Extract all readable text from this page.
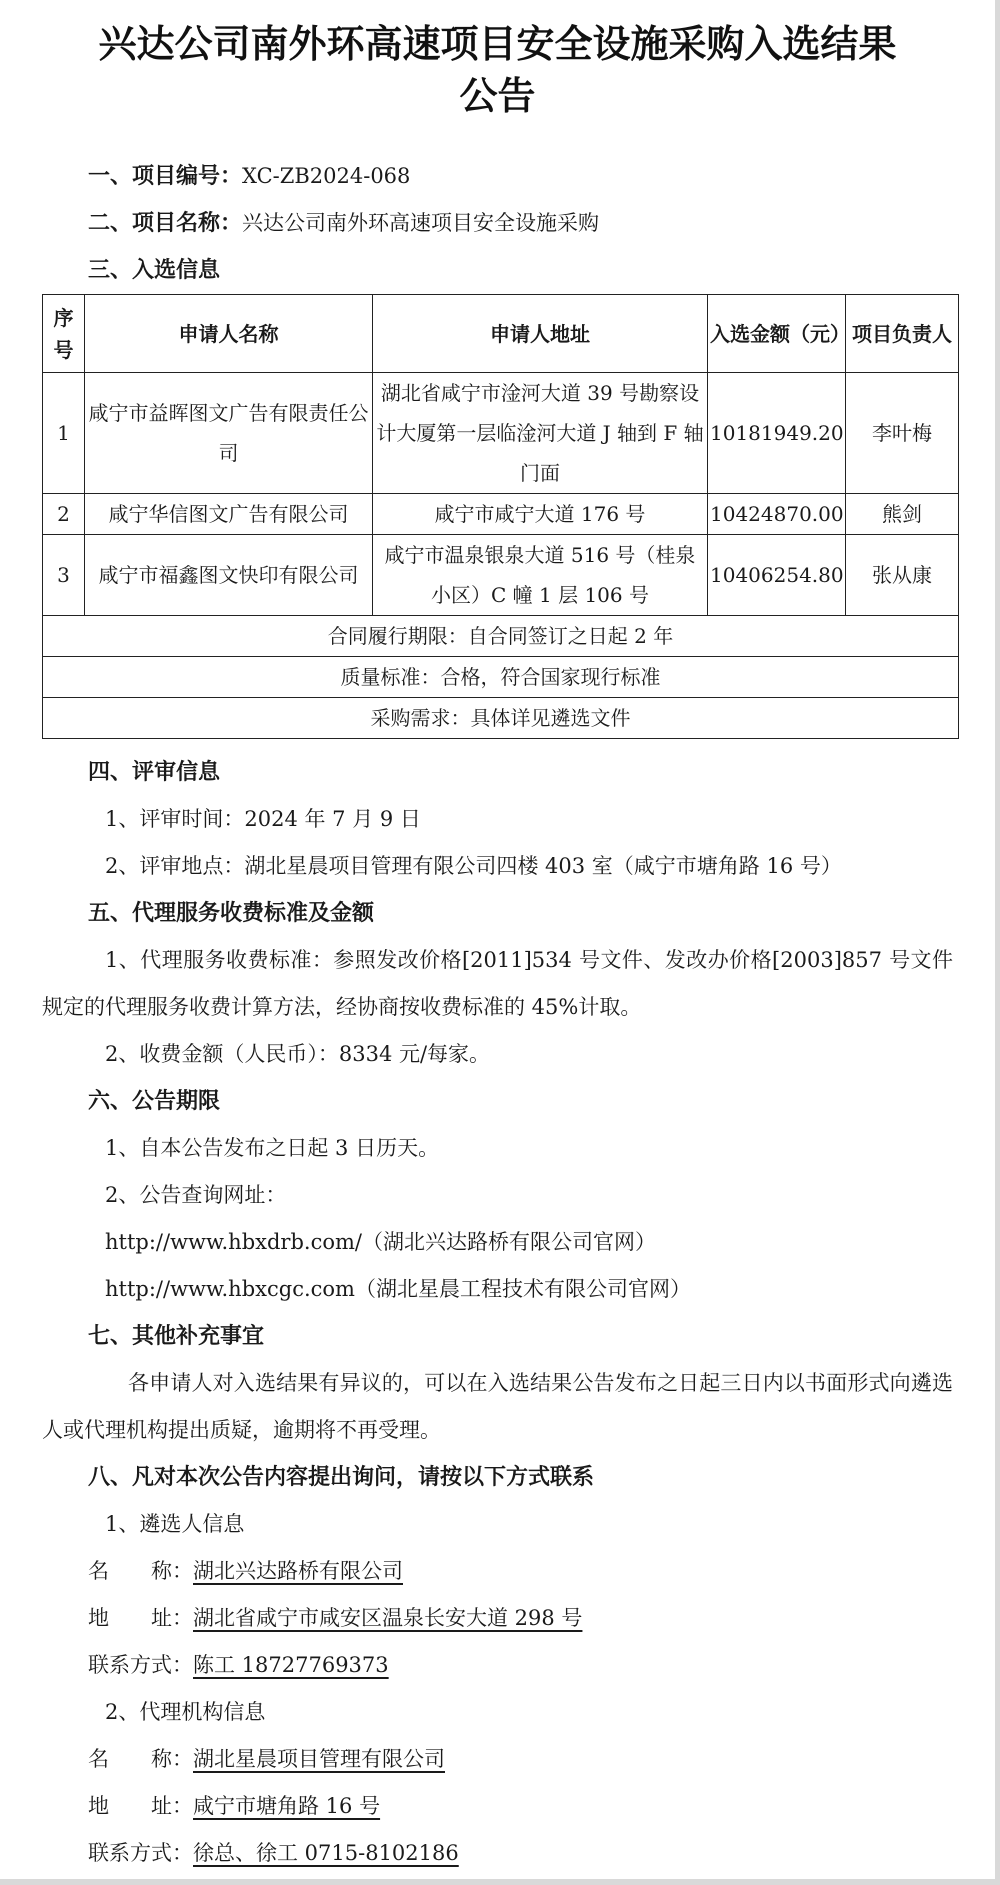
兴达公司南外环高速项目安全设施采购入选结果公告

一、项目编号：XC-ZB2024-068

二、项目名称：兴达公司南外环高速项目安全设施采购

三、入选信息

序号	申请人名称	申请人地址	入选金额（元）	项目负责人
1	咸宁市益晖图文广告有限责任公司	湖北省咸宁市淦河大道 39 号勘察设计大厦第一层临淦河大道 J 轴到 F 轴门面	10181949.20	李叶梅
2	咸宁华信图文广告有限公司	咸宁市咸宁大道 176 号	10424870.00	熊剑
3	咸宁市福鑫图文快印有限公司	咸宁市温泉银泉大道 516 号（桂泉小区）C 幢 1 层 106 号	10406254.80	张从康
合同履行期限：自合同签订之日起 2 年				
质量标准：合格，符合国家现行标准				
采购需求：具体详见遴选文件				

四、评审信息

1、评审时间：2024 年 7 月 9 日

2、评审地点：湖北星晨项目管理有限公司四楼 403 室（咸宁市塘角路 16 号）

五、代理服务收费标准及金额

1、代理服务收费标准：参照发改价格[2011]534 号文件、发改办价格[2003]857 号文件规定的代理服务收费计算方法，经协商按收费标准的 45%计取。

2、收费金额（人民币）：8334 元/每家。

六、公告期限

1、自本公告发布之日起 3 日历天。

2、公告查询网址：

http://www.hbxdrb.com/（湖北兴达路桥有限公司官网）

http://www.hbxcgc.com（湖北星晨工程技术有限公司官网）

七、其他补充事宜

各申请人对入选结果有异议的，可以在入选结果公告发布之日起三日内以书面形式向遴选人或代理机构提出质疑，逾期将不再受理。

八、凡对本次公告内容提出询问，请按以下方式联系

1、遴选人信息

名　　称：湖北兴达路桥有限公司

地　　址：湖北省咸宁市咸安区温泉长安大道 298 号

联系方式：陈工 18727769373

2、代理机构信息

名　　称：湖北星晨项目管理有限公司

地　　址：咸宁市塘角路 16 号

联系方式：徐总、徐工 0715-8102186
